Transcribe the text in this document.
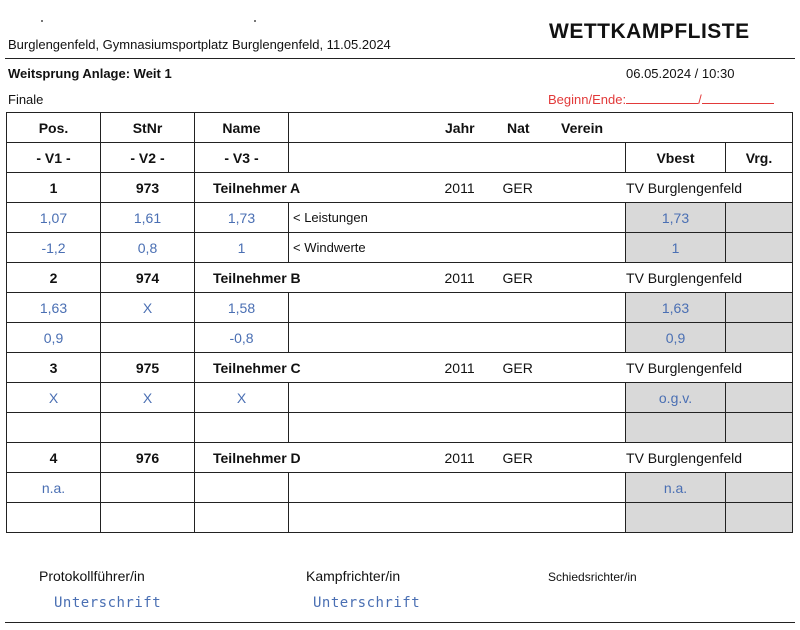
Burglengenfeld, Gymnasiumsportplatz Burglengenfeld, 11.05.2024
WETTKAMPFLISTE
Weitsprung Anlage: Weit 1	06.05.2024 / 10:30
Finale	Beginn/Ende:	/
Pos.	StNr	Name	Jahr Nat Verein		

- V1 -	- V2 -	- V3 -		Vbest	Vrg.
1	973	Teilnehmer A	2011 GER TV Burglengenfeld		

1,07	1,61	1,73	< Leistungen	1,73	
-1,2	0,8	1	< Windwerte	1	
2	974	Teilnehmer B	2011 GER TV Burglengenfeld		

1,63	X	1,58		1,63	
0,9		-0,8		0,9	
3	975	Teilnehmer C	2011 GER TV Burglengenfeld		

X	X	X		o.g.v.	

4	976	Teilnehmer D	2011 GER TV Burglengenfeld		

n.a.				n.a.	

Protokollführer/in
Unterschrift
Kampfrichter/in
Unterschrift
Schiedsrichter/in
